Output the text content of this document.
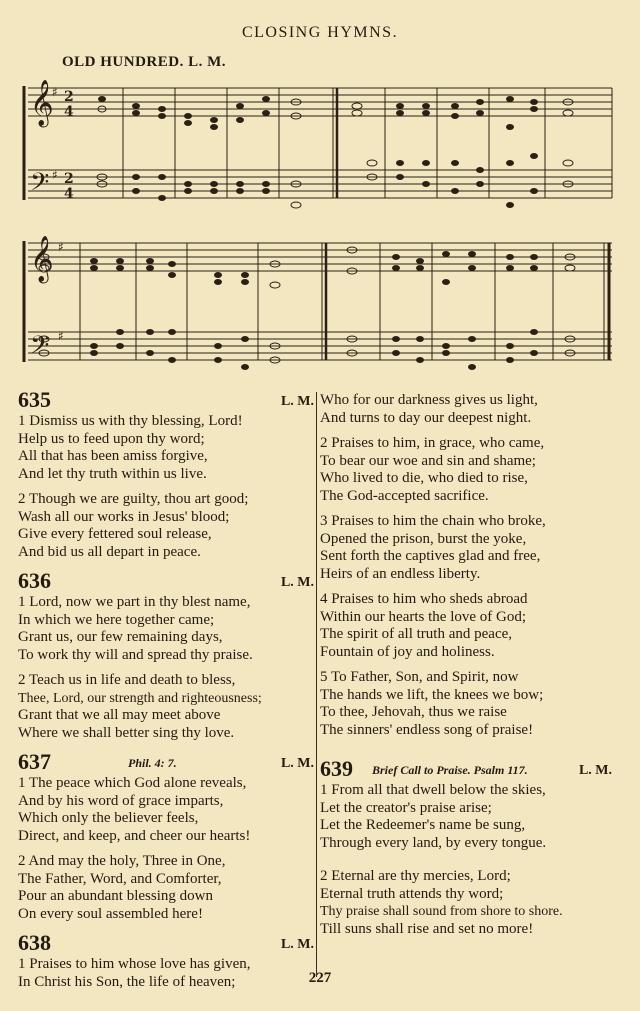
CLOSING HYMNS.
OLD HUNDRED. L. M.
𝄞
𝄢
𝄞
𝄢
2
4
2
4
♯
♯
♯
♯
635	L. M.
1 Dismiss us with thy blessing, Lord!
Help us to feed upon thy word;
All that has been amiss forgive,
And let thy truth within us live.
2 Though we are guilty, thou art good;
Wash all our works in Jesus' blood;
Give every fettered soul release,
And bid us all depart in peace.
636	L. M.
1 Lord, now we part in thy blest name,
In which we here together came;
Grant us, our few remaining days,
To work thy will and spread thy praise.
2 Teach us in life and death to bless,
Thee, Lord, our strength and righteousness;
Grant that we all may meet above
Where we shall better sing thy love.
637	Phil. 4: 7.	L. M.
1 The peace which God alone reveals,
And by his word of grace imparts,
Which only the believer feels,
Direct, and keep, and cheer our hearts!
2 And may the holy, Three in One,
The Father, Word, and Comforter,
Pour an abundant blessing down
On every soul assembled here!
638	L. M.
1 Praises to him whose love has given,
In Christ his Son, the life of heaven;
Who for our darkness gives us light,
And turns to day our deepest night.
2 Praises to him, in grace, who came,
To bear our woe and sin and shame;
Who lived to die, who died to rise,
The God-accepted sacrifice.
3 Praises to him the chain who broke,
Opened the prison, burst the yoke,
Sent forth the captives glad and free,
Heirs of an endless liberty.
4 Praises to him who sheds abroad
Within our hearts the love of God;
The spirit of all truth and peace,
Fountain of joy and holiness.
5 To Father, Son, and Spirit, now
The hands we lift, the knees we bow;
To thee, Jehovah, thus we raise
The sinners' endless song of praise!
639 Brief Call to Praise. Psalm 117.	L. M.
1 From all that dwell below the skies,
Let the creator's praise arise;
Let the Redeemer's name be sung,
Through every land, by every tongue.
2 Eternal are thy mercies, Lord;
Eternal truth attends thy word;
Thy praise shall sound from shore to shore.
Till suns shall rise and set no more!
227
